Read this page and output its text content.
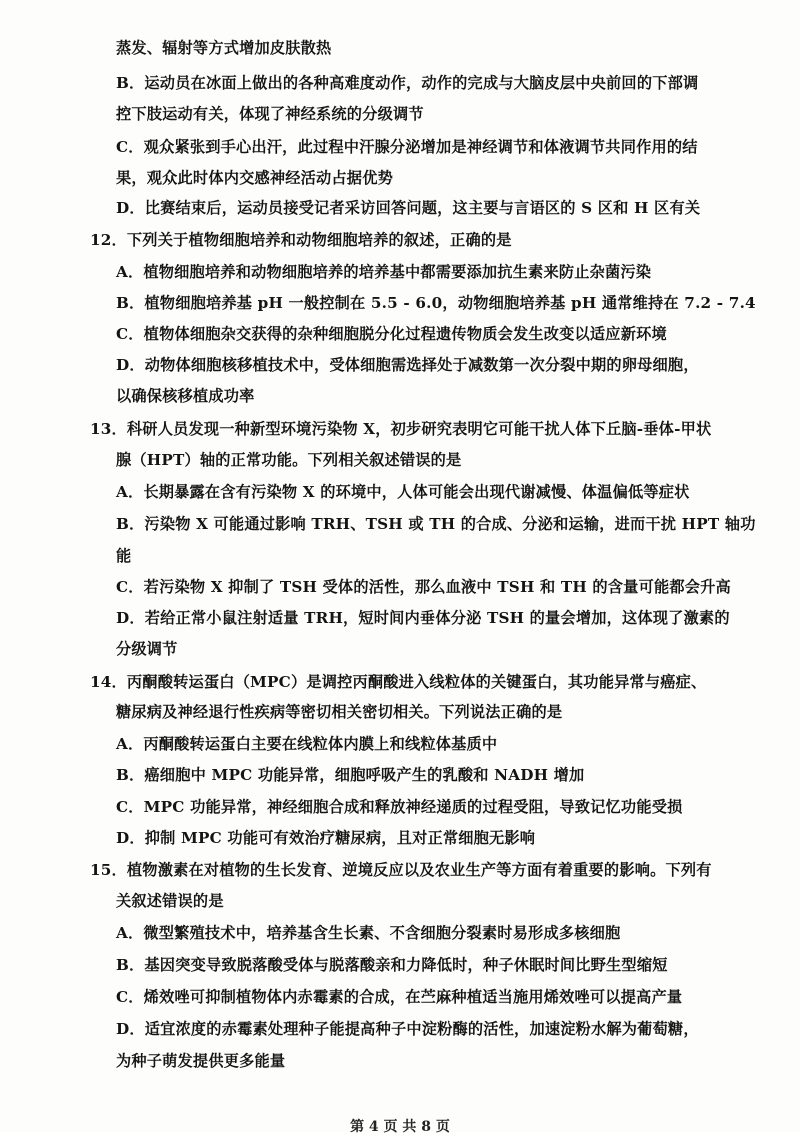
蒸发、辐射等方式增加皮肤散热
B．运动员在冰面上做出的各种高难度动作，动作的完成与大脑皮层中央前回的下部调
控下肢运动有关，体现了神经系统的分级调节
C．观众紧张到手心出汗，此过程中汗腺分泌增加是神经调节和体液调节共同作用的结
果，观众此时体内交感神经活动占据优势
D．比赛结束后，运动员接受记者采访回答问题，这主要与言语区的 S 区和 H 区有关
12．下列关于植物细胞培养和动物细胞培养的叙述，正确的是
A．植物细胞培养和动物细胞培养的培养基中都需要添加抗生素来防止杂菌污染
B．植物细胞培养基 pH 一般控制在 5.5 - 6.0，动物细胞培养基 pH 通常维持在 7.2 - 7.4
C．植物体细胞杂交获得的杂种细胞脱分化过程遗传物质会发生改变以适应新环境
D．动物体细胞核移植技术中，受体细胞需选择处于减数第一次分裂中期的卵母细胞，
以确保核移植成功率
13．科研人员发现一种新型环境污染物 X，初步研究表明它可能干扰人体下丘脑-垂体-甲状
腺（HPT）轴的正常功能。下列相关叙述错误的是
A．长期暴露在含有污染物 X 的环境中，人体可能会出现代谢减慢、体温偏低等症状
B．污染物 X 可能通过影响 TRH、TSH 或 TH 的合成、分泌和运输，进而干扰 HPT 轴功
能
C．若污染物 X 抑制了 TSH 受体的活性，那么血液中 TSH 和 TH 的含量可能都会升高
D．若给正常小鼠注射适量 TRH，短时间内垂体分泌 TSH 的量会增加，这体现了激素的
分级调节
14．丙酮酸转运蛋白（MPC）是调控丙酮酸进入线粒体的关键蛋白，其功能异常与癌症、
糖尿病及神经退行性疾病等密切相关密切相关。下列说法正确的是
A．丙酮酸转运蛋白主要在线粒体内膜上和线粒体基质中
B．癌细胞中 MPC 功能异常，细胞呼吸产生的乳酸和 NADH 增加
C．MPC 功能异常，神经细胞合成和释放神经递质的过程受阻，导致记忆功能受损
D．抑制 MPC 功能可有效治疗糖尿病，且对正常细胞无影响
15．植物激素在对植物的生长发育、逆境反应以及农业生产等方面有着重要的影响。下列有
关叙述错误的是
A．微型繁殖技术中，培养基含生长素、不含细胞分裂素时易形成多核细胞
B．基因突变导致脱落酸受体与脱落酸亲和力降低时，种子休眠时间比野生型缩短
C．烯效唑可抑制植物体内赤霉素的合成，在苎麻种植适当施用烯效唑可以提高产量
D．适宜浓度的赤霉素处理种子能提高种子中淀粉酶的活性，加速淀粉水解为葡萄糖，
为种子萌发提供更多能量
第 4 页 共 8 页
